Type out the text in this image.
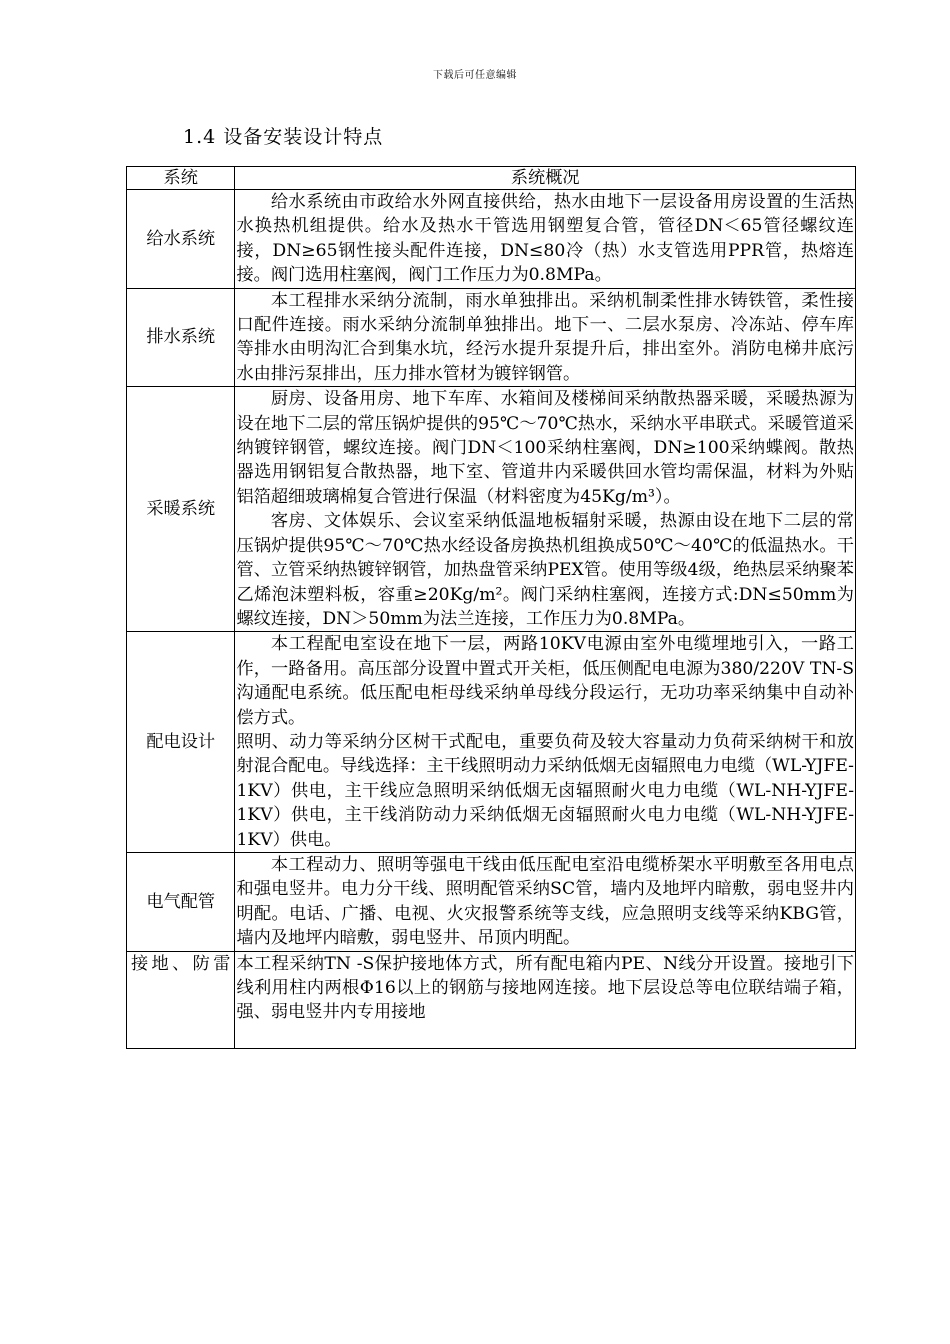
下载后可任意编辑
1.4 设备安装设计特点
系统	系统概况
给水系统	给水系统由市政给水外网直接供给，热水由地下一层设备用房设置的生活热水换热机组提供。给水及热水干管选用钢塑复合管，管径DN＜65管径螺纹连接，DN≥65钢性接头配件连接，DN≤80冷（热）水支管选用PPR管，热熔连接。阀门选用柱塞阀，阀门工作压力为0.8MPa。

排水系统	本工程排水采纳分流制，雨水单独排出。采纳机制柔性排水铸铁管，柔性接口配件连接。雨水采纳分流制单独排出。地下一、二层水泵房、冷冻站、停车库等排水由明沟汇合到集水坑，经污水提升泵提升后，排出室外。消防电梯井底污水由排污泵排出，压力排水管材为镀锌钢管。

采暖系统	厨房、设备用房、地下车库、水箱间及楼梯间采纳散热器采暖，采暖热源为设在地下二层的常压锅炉提供的95℃～70℃热水，采纳水平串联式。采暖管道采纳镀锌钢管，螺纹连接。阀门DN＜100采纳柱塞阀，DN≥100采纳蝶阀。散热器选用钢铝复合散热器，地下室、管道井内采暖供回水管均需保温，材料为外贴铝箔超细玻璃棉复合管进行保温（材料密度为45Kg/m³）。

客房、文体娱乐、会议室采纳低温地板辐射采暖，热源由设在地下二层的常压锅炉提供95℃～70℃热水经设备房换热机组换成50℃～40℃的低温热水。干管、立管采纳热镀锌钢管，加热盘管采纳PEX管。使用等级4级，绝热层采纳聚苯乙烯泡沫塑料板，容重≥20Kg/m²。阀门采纳柱塞阀，连接方式:DN≤50mm为螺纹连接，DN＞50mm为法兰连接，工作压力为0.8MPa。

配电设计	本工程配电室设在地下一层，两路10KV电源由室外电缆埋地引入，一路工作，一路备用。高压部分设置中置式开关柜，低压侧配电电源为380/220V TN-S沟通配电系统。低压配电柜母线采纳单母线分段运行，无功功率采纳集中自动补偿方式。

照明、动力等采纳分区树干式配电，重要负荷及较大容量动力负荷采纳树干和放射混合配电。导线选择：主干线照明动力采纳低烟无卤辐照电力电缆（WL-YJFE-1KV）供电，主干线应急照明采纳低烟无卤辐照耐火电力电缆（WL-NH-YJFE-1KV）供电，主干线消防动力采纳低烟无卤辐照耐火电力电缆（WL-NH-YJFE-1KV）供电。

电气配管	本工程动力、照明等强电干线由低压配电室沿电缆桥架水平明敷至各用电点和强电竖井。电力分干线、照明配管采纳SC管，墙内及地坪内暗敷，弱电竖井内明配。电话、广播、电视、火灾报警系统等支线，应急照明支线等采纳KBG管，墙内及地坪内暗敷，弱电竖井、吊顶内明配。

接地、防雷	本工程采纳TN -S保护接地体方式，所有配电箱内PE、N线分开设置。接地引下线利用柱内两根Φ16以上的钢筋与接地网连接。地下层设总等电位联结端子箱，强、弱电竖井内专用接地
